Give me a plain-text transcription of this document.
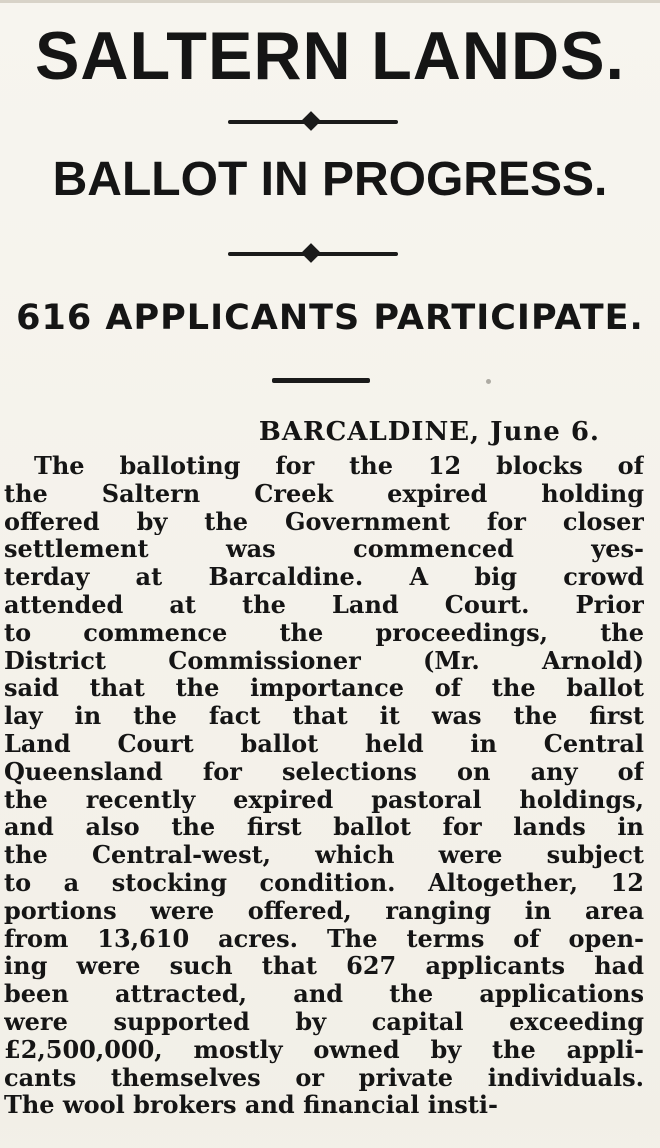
SALTERN LANDS.
BALLOT IN PROGRESS.
616 APPLICANTS PARTICIPATE.
BARCALDINE, June 6.
The balloting for the 12 blocks of
the Saltern Creek expired holding
offered by the Government for closer
settlement was commenced yes-
terday at Barcaldine. A big crowd
attended at the Land Court. Prior
to commence the proceedings, the
District Commissioner (Mr. Arnold)
said that the importance of the ballot
lay in the fact that it was the first
Land Court ballot held in Central
Queensland for selections on any of
the recently expired pastoral holdings,
and also the first ballot for lands in
the Central-west, which were subject
to a stocking condition. Altogether, 12
portions were offered, ranging in area
from 13,610 acres. The terms of open-
ing were such that 627 applicants had
been attracted, and the applications
were supported by capital exceeding
£2,500,000, mostly owned by the appli-
cants themselves or private individuals.
The wool brokers and financial insti-
